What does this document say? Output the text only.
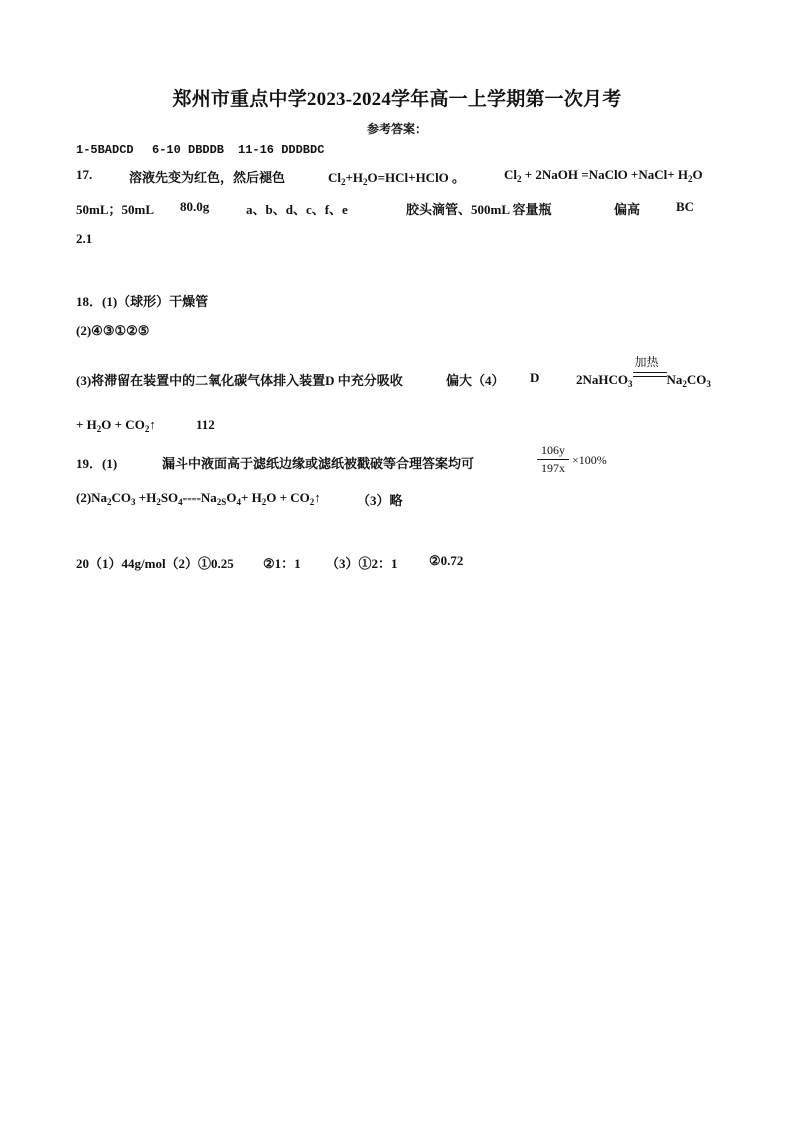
郑州市重点中学2023-2024学年高一上学期第一次月考
参考答案：
1-5BADCD 6-10 DBDDB 11-16 DDDBDC
17.	溶液先变为红色，然后褪色	$Cl_2+H_2O=HCl+HClO$ 。	$Cl_2$ + 2NaOH =NaClO +NaCl+ $H_2O$
50mL；50mL 80.0g	a、b、d、c、f、e	胶头滴管、500mL 容量瓶	偏高	BC
2.1
18．(1)（球形）干燥管
(2)④③①②⑤
(3)将滞留在装置中的二氧化碳气体排入装置D 中充分吸收	偏大（4） D	2NaHCO$_3$
加热
$Na_2CO_3$
+ $H_2O$ + $CO_2↑$	112
19．(1)	漏斗中液面高于滤纸边缘或滤纸被戳破等合理答案均可	$\frac{106y}{197x} \times 100\%$
$(2)Na_2CO_3 +H_2SO_4====Na_{2S}O_4+ H_2O$ + $CO_2↑$	（3）略
20（1）44g/mol（2）①0.25 ②1：1 （3）①2：1 ②0.72
